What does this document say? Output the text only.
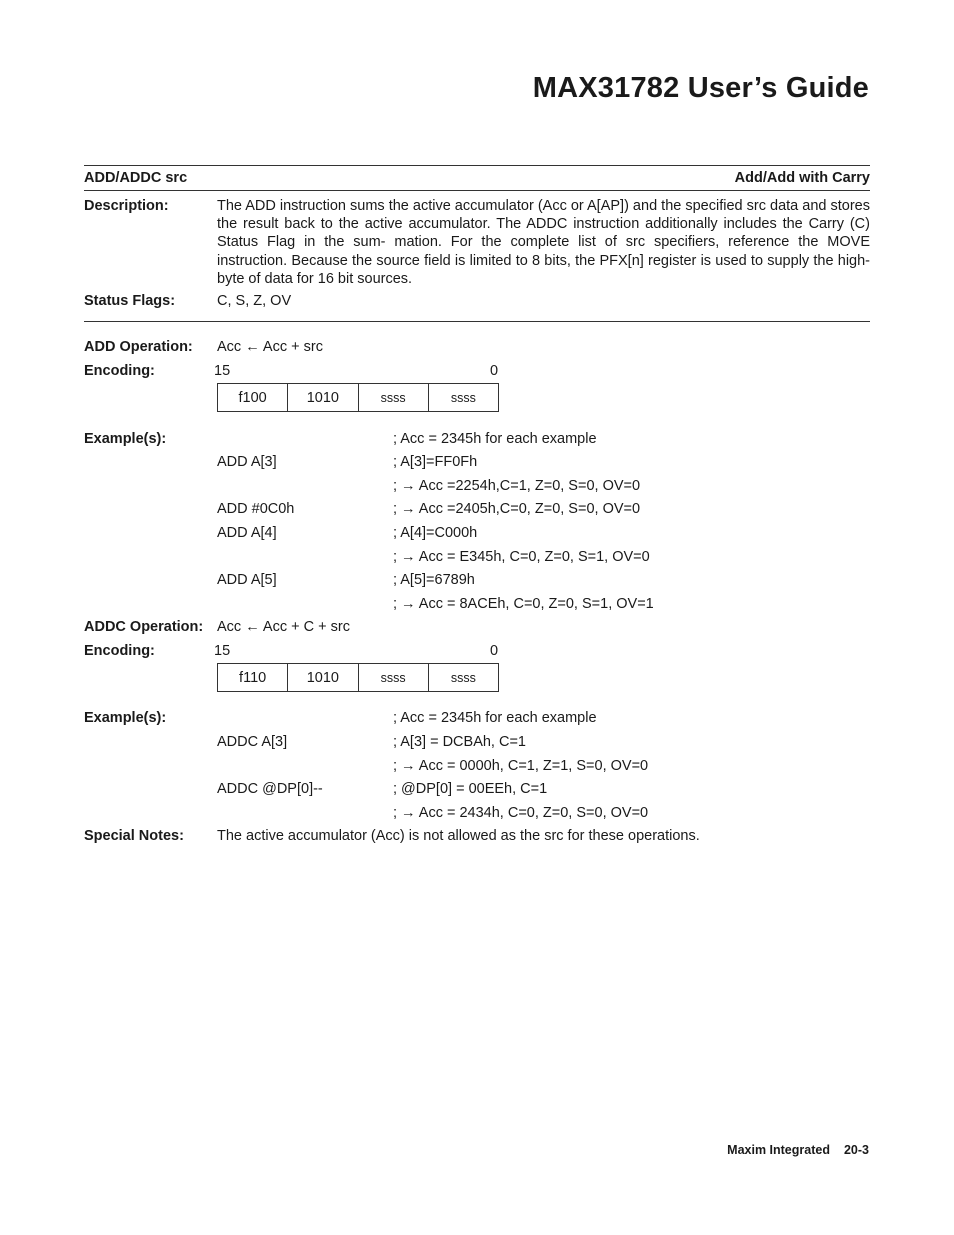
MAX31782 User’s Guide
ADD/ADDC src	Add/Add with Carry
Description:	The ADD instruction sums the active accumulator (Acc or A[AP]) and the specified src data and stores the result back to the active accumulator. The ADDC instruction additionally includes the Carry (C) Status Flag in the sum- mation. For the complete list of src specifiers, reference the MOVE instruction. Because the source field is limited to 8 bits, the PFX[n] register is used to supply the high-byte of data for 16 bit sources.
Status Flags:	C, S, Z, OV
ADD Operation: Acc ← Acc + src
Encoding:	15	0
f100	1010	ssss	ssss
Example(s):	; Acc = 2345h for each example
ADD A[3]	; A[3]=FF0Fh
; → Acc =2254h,C=1, Z=0, S=0, OV=0
ADD #0C0h	; → Acc =2405h,C=0, Z=0, S=0, OV=0
ADD A[4]	; A[4]=C000h
; → Acc = E345h, C=0, Z=0, S=1, OV=0
ADD A[5]	; A[5]=6789h
; → Acc = 8ACEh, C=0, Z=0, S=1, OV=1
ADDC Operation: Acc ← Acc + C + src
Encoding:	15	0
f110	1010	ssss	ssss
Example(s):	; Acc = 2345h for each example
ADDC A[3]	; A[3] = DCBAh, C=1
; → Acc = 0000h, C=1, Z=1, S=0, OV=0
ADDC @DP[0]--	; @DP[0] = 00EEh, C=1
; → Acc = 2434h, C=0, Z=0, S=0, OV=0
Special Notes: The active accumulator (Acc) is not allowed as the src for these operations.
Maxim Integrated 20-3
